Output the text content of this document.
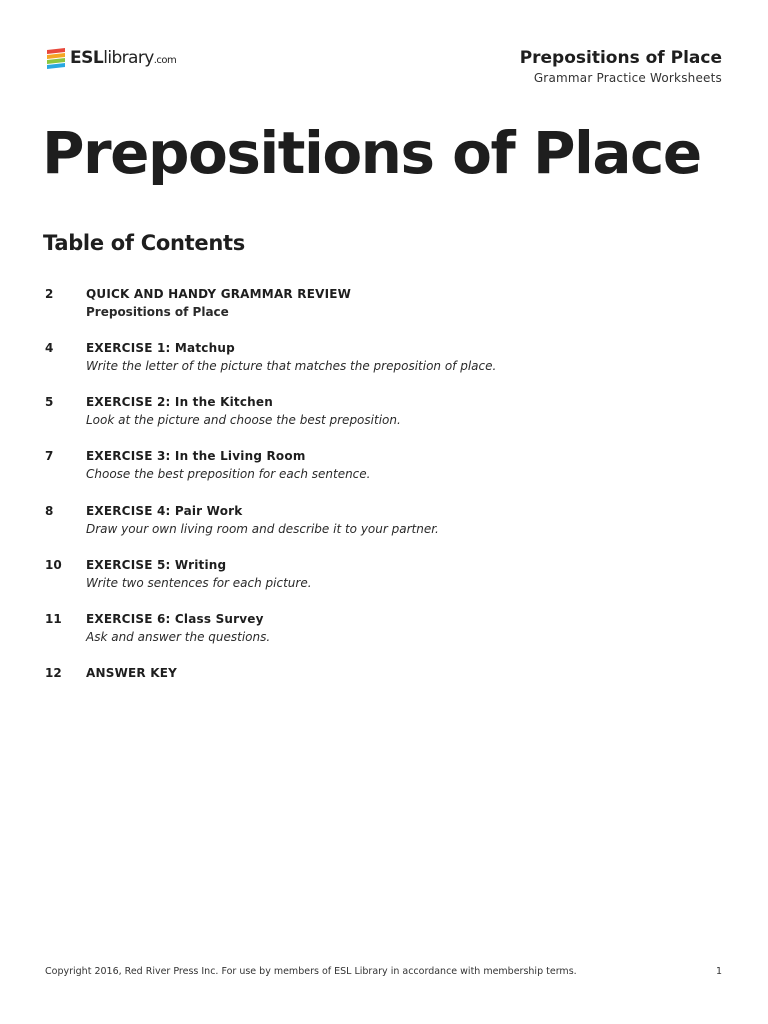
ESLlibrary.com	Prepositions of Place
Grammar Practice Worksheets
Prepositions of Place
Table of Contents
2	QUICK AND HANDY GRAMMAR REVIEW
Prepositions of Place
4	EXERCISE 1: Matchup
Write the letter of the picture that matches the preposition of place.
5	EXERCISE 2: In the Kitchen
Look at the picture and choose the best preposition.
7	EXERCISE 3: In the Living Room
Choose the best preposition for each sentence.
8	EXERCISE 4: Pair Work
Draw your own living room and describe it to your partner.
10 EXERCISE 5: Writing
Write two sentences for each picture.
11 EXERCISE 6: Class Survey
Ask and answer the questions.
12 ANSWER KEY
Copyright 2016, Red River Press Inc. For use by members of ESL Library in accordance with membership terms.	1
